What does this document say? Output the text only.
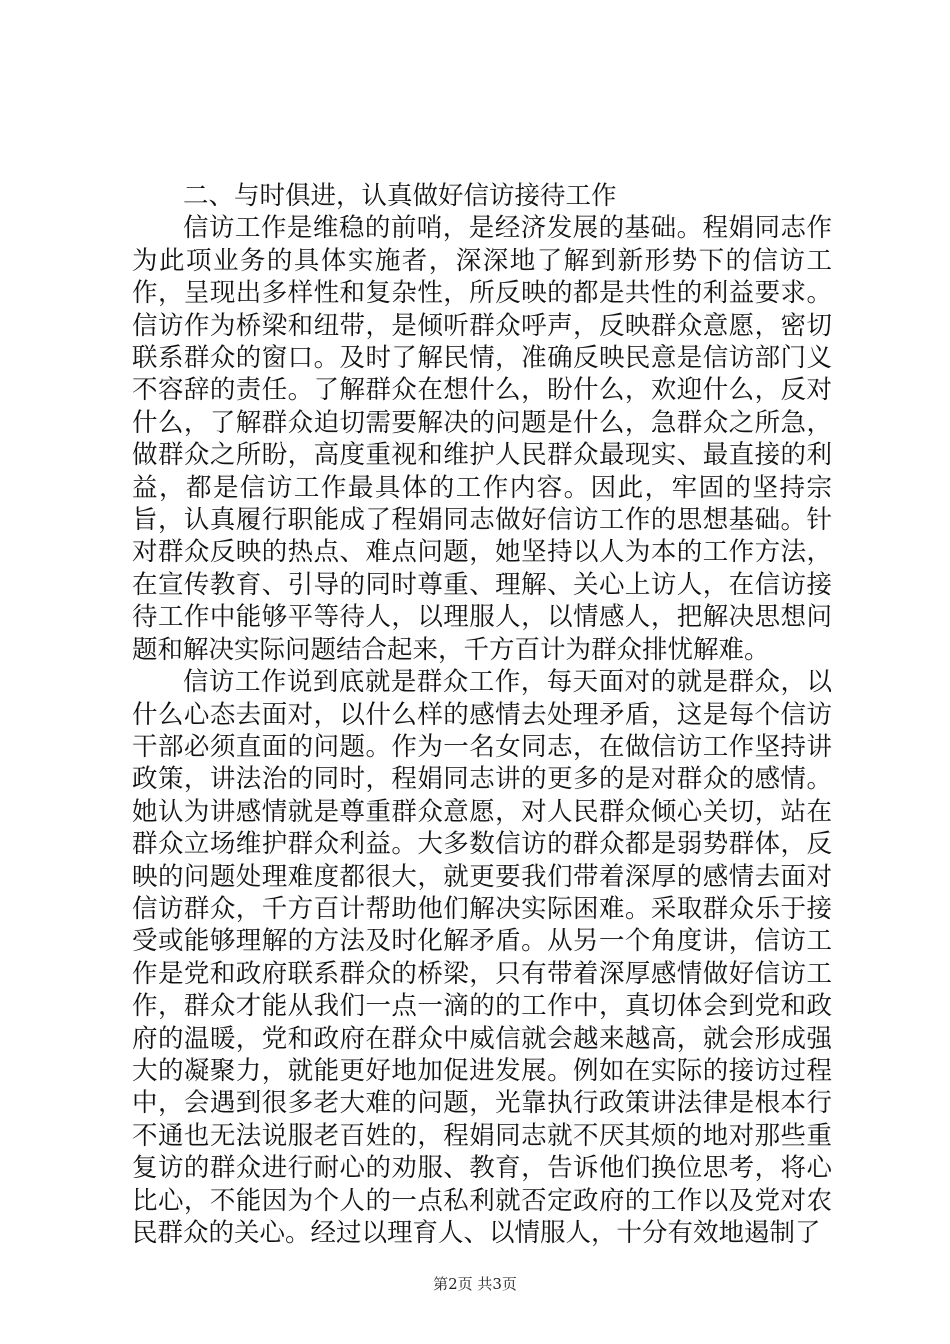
二、与时俱进，认真做好信访接待工作

信访工作是维稳的前哨，是经济发展的基础。程娟同志作为此项业务的具体实施者，深深地了解到新形势下的信访工作，呈现出多样性和复杂性，所反映的都是共性的利益要求。信访作为桥梁和纽带，是倾听群众呼声，反映群众意愿，密切联系群众的窗口。及时了解民情，准确反映民意是信访部门义不容辞的责任。了解群众在想什么，盼什么，欢迎什么，反对什么，了解群众迫切需要解决的问题是什么，急群众之所急，做群众之所盼，高度重视和维护人民群众最现实、最直接的利益，都是信访工作最具体的工作内容。因此，牢固的坚持宗旨，认真履行职能成了程娟同志做好信访工作的思想基础。针对群众反映的热点、难点问题，她坚持以人为本的工作方法，在宣传教育、引导的同时尊重、理解、关心上访人，在信访接待工作中能够平等待人，以理服人，以情感人，把解决思想问题和解决实际问题结合起来，千方百计为群众排忧解难。

信访工作说到底就是群众工作，每天面对的就是群众，以什么心态去面对，以什么样的感情去处理矛盾，这是每个信访干部必须直面的问题。作为一名女同志，在做信访工作坚持讲政策，讲法治的同时，程娟同志讲的更多的是对群众的感情。她认为讲感情就是尊重群众意愿，对人民群众倾心关切，站在群众立场维护群众利益。大多数信访的群众都是弱势群体，反映的问题处理难度都很大，就更要我们带着深厚的感情去面对信访群众，千方百计帮助他们解决实际困难。采取群众乐于接受或能够理解的方法及时化解矛盾。从另一个角度讲，信访工作是党和政府联系群众的桥梁，只有带着深厚感情做好信访工作，群众才能从我们一点一滴的的工作中，真切体会到党和政府的温暖，党和政府在群众中威信就会越来越高，就会形成强大的凝聚力，就能更好地加促进发展。例如在实际的接访过程中，会遇到很多老大难的问题，光靠执行政策讲法律是根本行不通也无法说服老百姓的，程娟同志就不厌其烦的地对那些重复访的群众进行耐心的劝服、教育，告诉他们换位思考，将心比心，不能因为个人的一点私利就否定政府的工作以及党对农民群众的关心。经过以理育人、以情服人，十分有效地遏制了

第2页 共3页
